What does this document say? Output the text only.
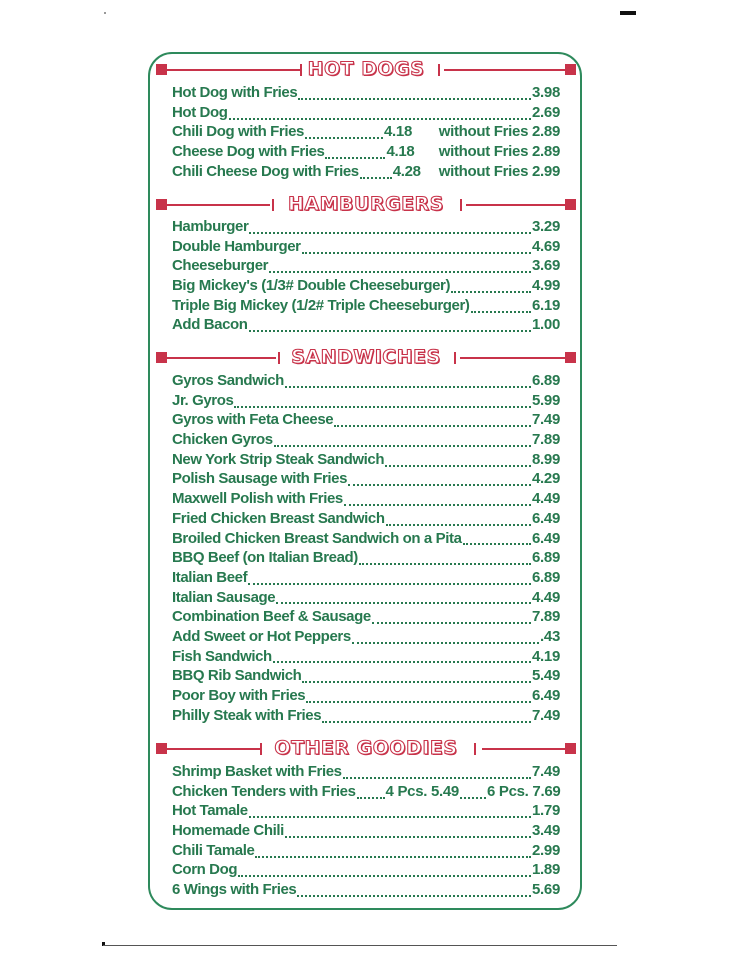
HOT DOGS
Hot Dog with Fries	3.98
Hot Dog	2.69
Chili Dog with Fries	4.18 without Fries 2.89
Cheese Dog with Fries	4.18 without Fries 2.89
Chili Cheese Dog with Fries 4.28 without Fries 2.99
HAMBURGERS
Hamburger	3.29
Double Hamburger	4.69
Cheeseburger	3.69
Big Mickey's (1/3# Double Cheeseburger)	4.99
Triple Big Mickey (1/2# Triple Cheeseburger)	6.19
Add Bacon	1.00
SANDWICHES
Gyros Sandwich	6.89
Jr. Gyros	5.99
Gyros with Feta Cheese	7.49
Chicken Gyros	7.89
New York Strip Steak Sandwich	8.99
Polish Sausage with Fries	4.29
Maxwell Polish with Fries	4.49
Fried Chicken Breast Sandwich	6.49
Broiled Chicken Breast Sandwich on a Pita	6.49
BBQ Beef (on Italian Bread)	6.89
Italian Beef	6.89
Italian Sausage	4.49
Combination Beef & Sausage	7.89
Add Sweet or Hot Peppers	.43
Fish Sandwich	4.19
BBQ Rib Sandwich	5.49
Poor Boy with Fries	6.49
Philly Steak with Fries	7.49
OTHER GOODIES
Shrimp Basket with Fries	7.49
Chicken Tenders with Fries 4 Pcs. 5.49 6 Pcs. 7.69
Hot Tamale	1.79
Homemade Chili	3.49
Chili Tamale	2.99
Corn Dog	1.89
6 Wings with Fries	5.69
